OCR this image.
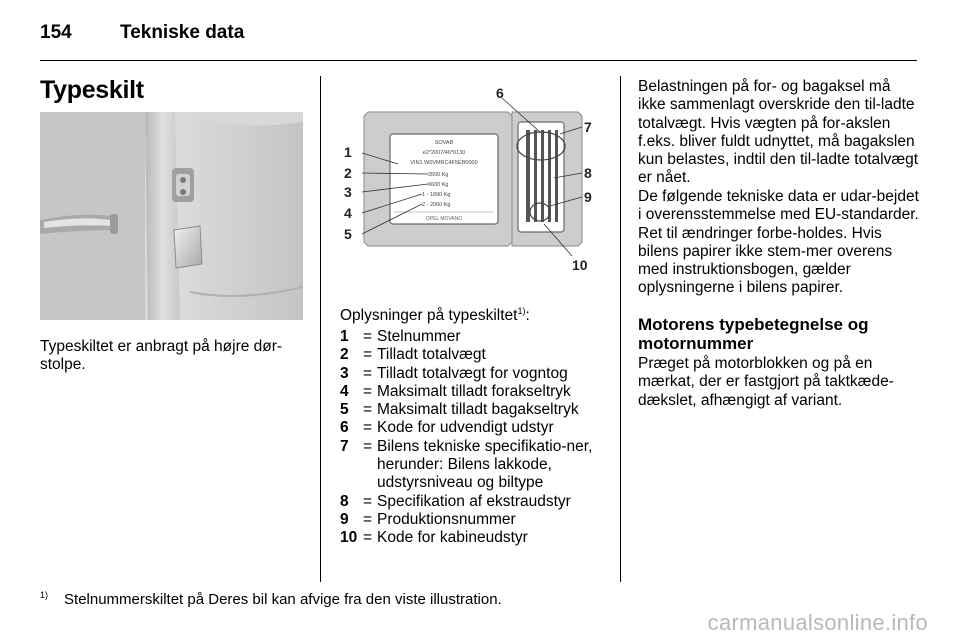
154	Tekniske data
Typeskilt
Typeskiltet er anbragt på højre dør-stolpe.
SOVAB
e2*2007/46*0130
VIN1 W0VMRC4F5EB0000
3500 Kg
6600 Kg
1 - 1890 Kg
2 - 2060 Kg
OPEL MOVANO
1
2
3
4
5
6
7
8
9
10
Oplysninger på typeskiltet$^{1)}$:
1 = Stelnummer
2 = Tilladt totalvægt
3 = Tilladt totalvægt for vogntog
4 = Maksimalt tilladt forakseltryk
5 = Maksimalt tilladt bagakseltryk
6 = Kode for udvendigt udstyr
7 = Bilens tekniske specifikatio-ner, herunder: Bilens lakkode, udstyrsniveau og biltype
8 = Specifikation af ekstraudstyr
9 = Produktionsnummer
10 = Kode for kabineudstyr
Belastningen på for- og bagaksel må ikke sammenlagt overskride den til-ladte totalvægt. Hvis vægten på for-akslen f.eks. bliver fuldt udnyttet, må bagakslen kun belastes, indtil den til-ladte totalvægt er nået.
De følgende tekniske data er udar-bejdet i overensstemmelse med EU-standarder. Ret til ændringer forbe-holdes. Hvis bilens papirer ikke stem-mer overens med instruktionsbogen, gælder oplysningerne i bilens papirer.
Motorens typebetegnelse og motornummer
Præget på motorblokken og på en mærkat, der er fastgjort på taktkæde-dækslet, afhængigt af variant.
$^{1)}$ Stelnummerskiltet på Deres bil kan afvige fra den viste illustration.
carmanualsonline.info
